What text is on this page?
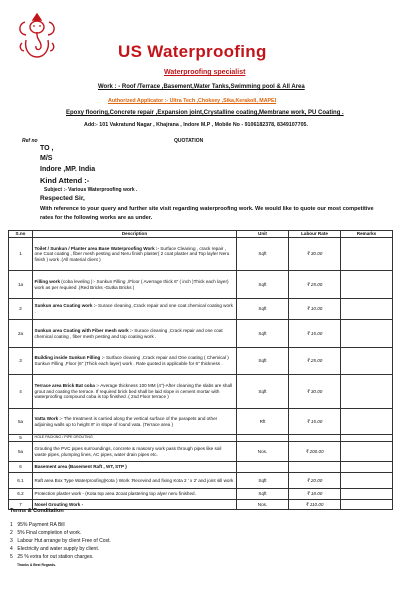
US Waterproofing
Waterproofing specialist
Work : - Roof /Terrace ,Basement,Water Tanks,Swimming pool & All Area
Authorized Applicator :- Ultra Tech ,Choksey ,Sika,Kerakoll, MAPEI
Epoxy flooring,Concrete repair ,Expansion joint,Crystalline coating,Membrane work, PU Coating .
Add:- 101 Vakratund Nagar , Khajrana , Indore M.P , Mobile No - 9106182378, 8349107705.
Ref no	QUOTATION
TO ,
M/S
Indore ,MP. India
Kind Attend :-
Subject :- Various Waterproofing work .
Respected Sir,
With reference to your query and further site visit regarding waterproofing work. We would like to quote our most competitive rates for the following works are as under.
S.no	Description	Unit	Labour Rate	Remarks
1	Toilet / Sunkun / Planter area Base Waterproofing Work :- Surface Cleaning , crack repair , one Coat coating , fiber mesh pesting and Neru finish plaster( 2 coat plaster and Top layler Neru finish ) work .(All material client )	Sqft	₹ 30.00	
1a	Filling work (coba leveling ):- Sunkun Filling ,/Floor ( Averrage thick 6" ( inch )Thick each layer) work as per required .(Red Bricks -Gutka Bricks )	Sqft	₹ 25.00	
2	Sunkun area Coating work :- Surace cleaning ,Crack repair and one coat chemical coating work .	Sqft	₹ 10.00	
2a	Sunkun area Coating with Fiber mesh work :- Surace cleaning ,Crack repair and one coat chemical coating , fiber mesh pesting and top coating work .	Sqft	₹ 15.00	
3	Building inside Sunkun Filling :- Surface cleaning ,Crack repair and One coating ( Chemical ) Sunkun Filling ,Floor (6" )Thick each layer) work . Rate quoted is applicable for 6" thickness .	Sqft	₹ 25.00	
4	Terrace area Brick Bat coba :- Average thickness 100 MM (4")-After cleaning the slabs are shall grout and coating the terrace. If required brick bed shall be laid slope in cement mortar with waterproofing compound coba is top finished .( 2nd Floor terrace )	Sqft	₹ 30.00	
5a	Vatta Work :- The treatment is carried along the vertical surface of the parapets and other adjoining walls up to height 9" in slope of round vata. (Terrace area )	Rft	₹ 15.00	
5	HOLE PACKING / PIPE GROUTING			
5a	Grouting the PVC pipes surroundings, concrete & masonry work pass through pipes like soil waste pipes, plumping lines, AC pipes, water drain pipes etc.	Nos.	₹ 200.00	
6	Basement area (Basement Raft , WT, STP )			
6.1	Raft area Box Type Waterproofing(Kota ) Work :Recevind and fixing Kota 2 ' x 2' and joint sill work	Sqft	₹ 20.00	
6.2	Protection plaster work - (Kota top area 2coat plastering top alyer neru finished.	Sqft	₹ 18.00	
7	Nosel Grouting Work -	Nos.	₹ 110.00	
Terms & Conditation
1 95% Payment RA Bill
2 5% Final completion of work.
3 Labour Hut arrange by client Free of Cost.
4 Electricity and water supply by client.
5 25 % extra for out station charges.
Thanks & Best Regards.
